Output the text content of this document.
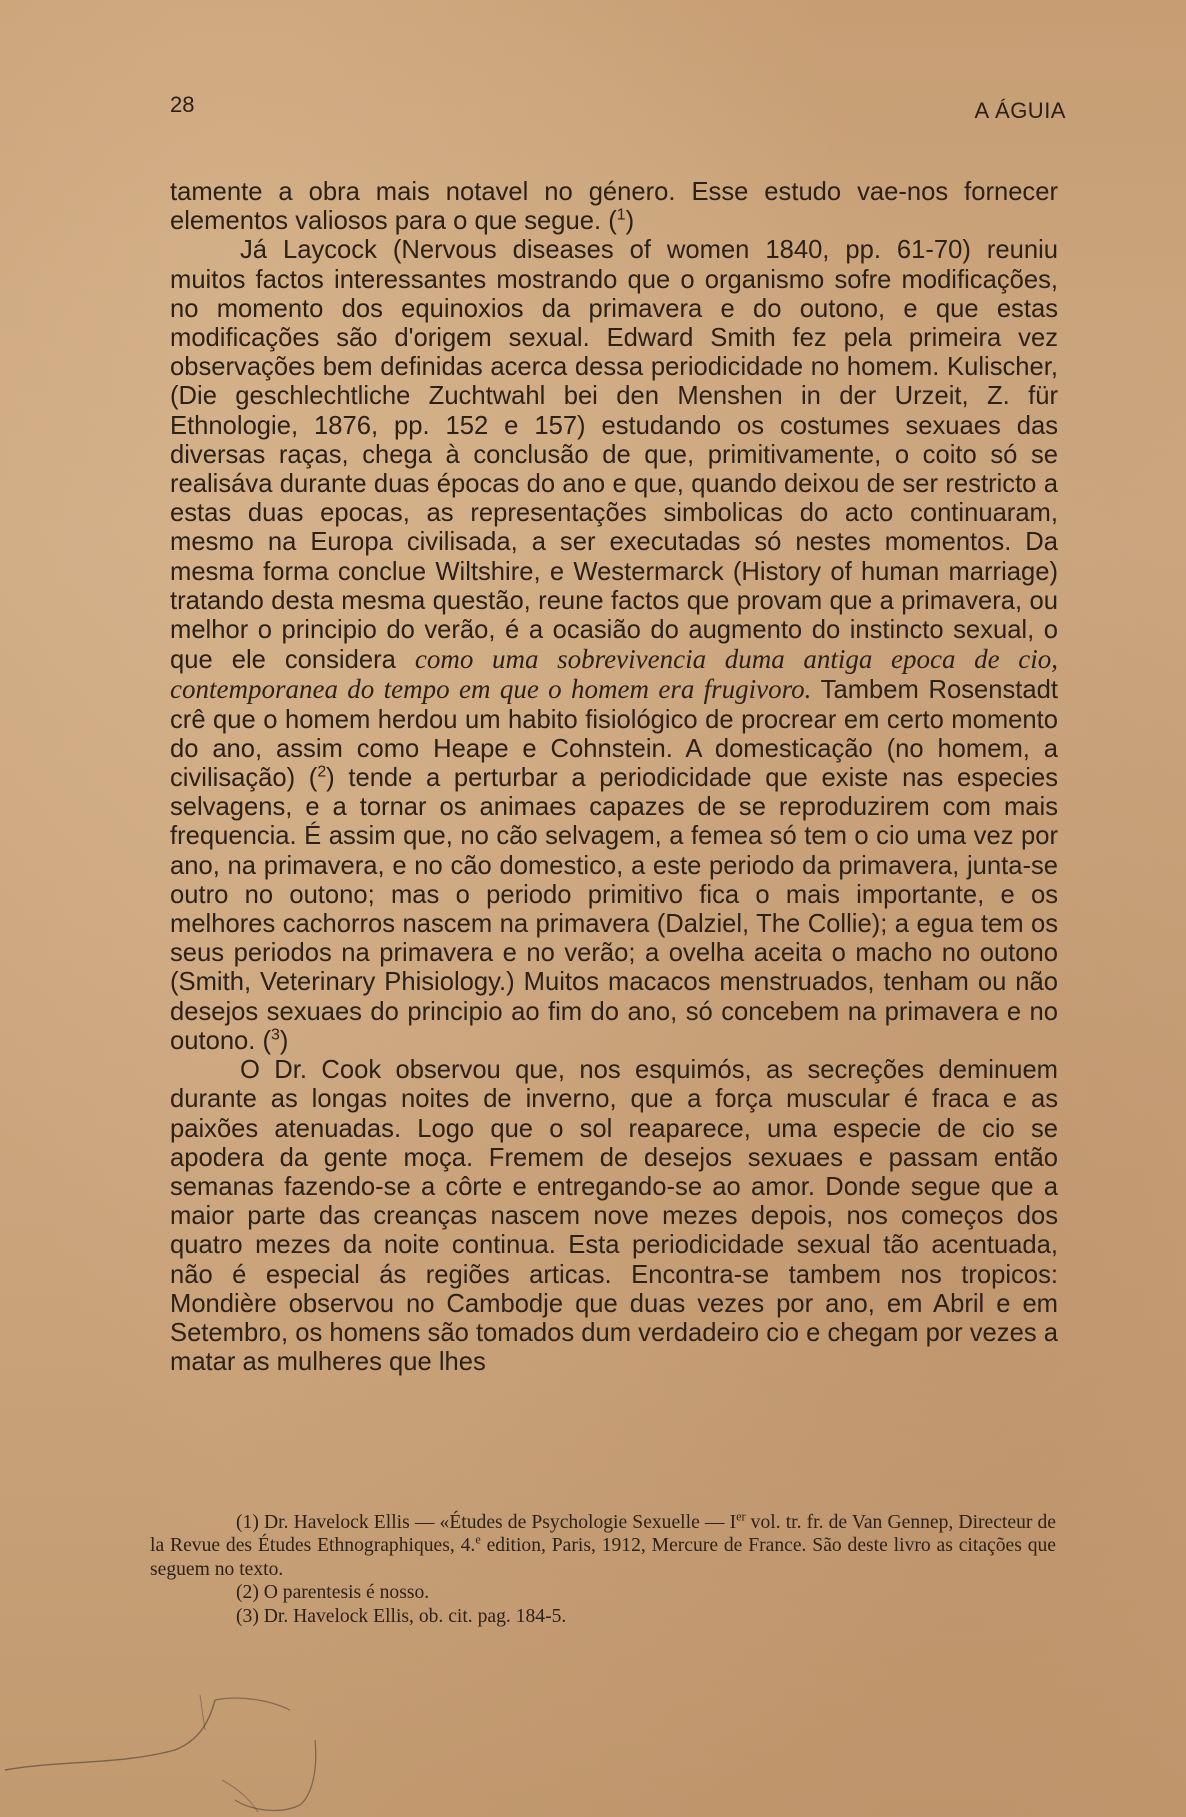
28	A ÁGUIA

tamente a obra mais notavel no género. Esse estudo vae-nos fornecer elementos valiosos para o que segue. ($^1$)

Já Laycock (Nervous diseases of women 1840, pp. 61-70) reuniu muitos factos interessantes mostrando que o organismo sofre modificações, no momento dos equinoxios da primavera e do outono, e que estas modificações são d'origem sexual. Edward Smith fez pela primeira vez observações bem definidas acerca dessa periodicidade no homem. Kulischer, (Die geschlechtliche Zuchtwahl bei den Menshen in der Urzeit, Z. für Ethnologie, 1876, pp. 152 e 157) estudando os costumes sexuaes das diversas raças, chega à conclusão de que, primitivamente, o coito só se realisáva durante duas épocas do ano e que, quando deixou de ser restricto a estas duas epocas, as representações simbolicas do acto continuaram, mesmo na Europa civilisada, a ser executadas só nestes momentos. Da mesma forma conclue Wiltshire, e Westermarck (History of human marriage) tratando desta mesma questão, reune factos que provam que a primavera, ou melhor o principio do verão, é a ocasião do augmento do instincto sexual, o que ele considera como uma sobrevivencia duma antiga epoca de cio, contemporanea do tempo em que o homem era frugivoro. Tambem Rosenstadt crê que o homem herdou um habito fisiológico de procrear em certo momento do ano, assim como Heape e Cohnstein. A domesticação (no homem, a civilisação) ($^2$) tende a perturbar a periodicidade que existe nas especies selvagens, e a tornar os animaes capazes de se reproduzirem com mais frequencia. É assim que, no cão selvagem, a femea só tem o cio uma vez por ano, na primavera, e no cão domestico, a este periodo da primavera, junta-se outro no outono; mas o periodo primitivo fica o mais importante, e os melhores cachorros nascem na primavera (Dalziel, The Collie); a egua tem os seus periodos na primavera e no verão; a ovelha aceita o macho no outono (Smith, Veterinary Phisiology.) Muitos macacos menstruados, tenham ou não desejos sexuaes do principio ao fim do ano, só concebem na primavera e no outono. ($^3$)

O Dr. Cook observou que, nos esquimós, as secreções deminuem durante as longas noites de inverno, que a força muscular é fraca e as paixões atenuadas. Logo que o sol reaparece, uma especie de cio se apodera da gente moça. Fremem de desejos sexuaes e passam então semanas fazendo-se a côrte e entregando-se ao amor. Donde segue que a maior parte das creanças nascem nove mezes depois, nos começos dos quatro mezes da noite continua. Esta periodicidade sexual tão acentuada, não é especial ás regiões articas. Encontra-se tambem nos tropicos: Mondière observou no Cambodje que duas vezes por ano, em Abril e em Setembro, os homens são tomados dum verdadeiro cio e chegam por vezes a matar as mulheres que lhes

(1) Dr. Havelock Ellis — «Études de Psychologie Sexuelle — Ier vol. tr. fr. de Van Gennep, Directeur de la Revue des Études Ethnographiques, 4.$^e$ edition, Paris, 1912, Mercure de France. São deste livro as citações que seguem no texto.

(2) O parentesis é nosso.

(3) Dr. Havelock Ellis, ob. cit. pag. 184-5.
